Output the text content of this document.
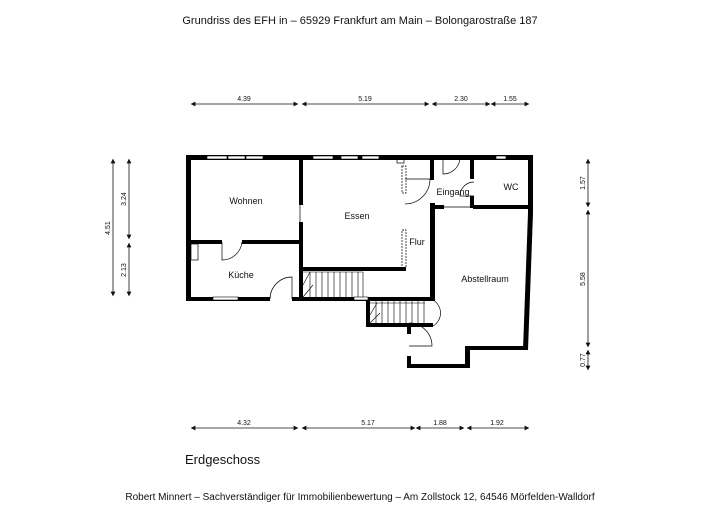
Grundriss des EFH in – 65929 Frankfurt am Main – Bolongarostraße 187
Wohnen
Essen
Küche
Flur
Eingang	WC
Abstellraum
4.39	5.19	2.30	1.55
4.32	5.17	1.88	1.92
4.51
3.24
2.13
1.57
5.58
0.77
Erdgeschoss
Robert Minnert – Sachverständiger für Immobilienbewertung – Am Zollstock 12, 64546 Mörfelden-Walldorf
